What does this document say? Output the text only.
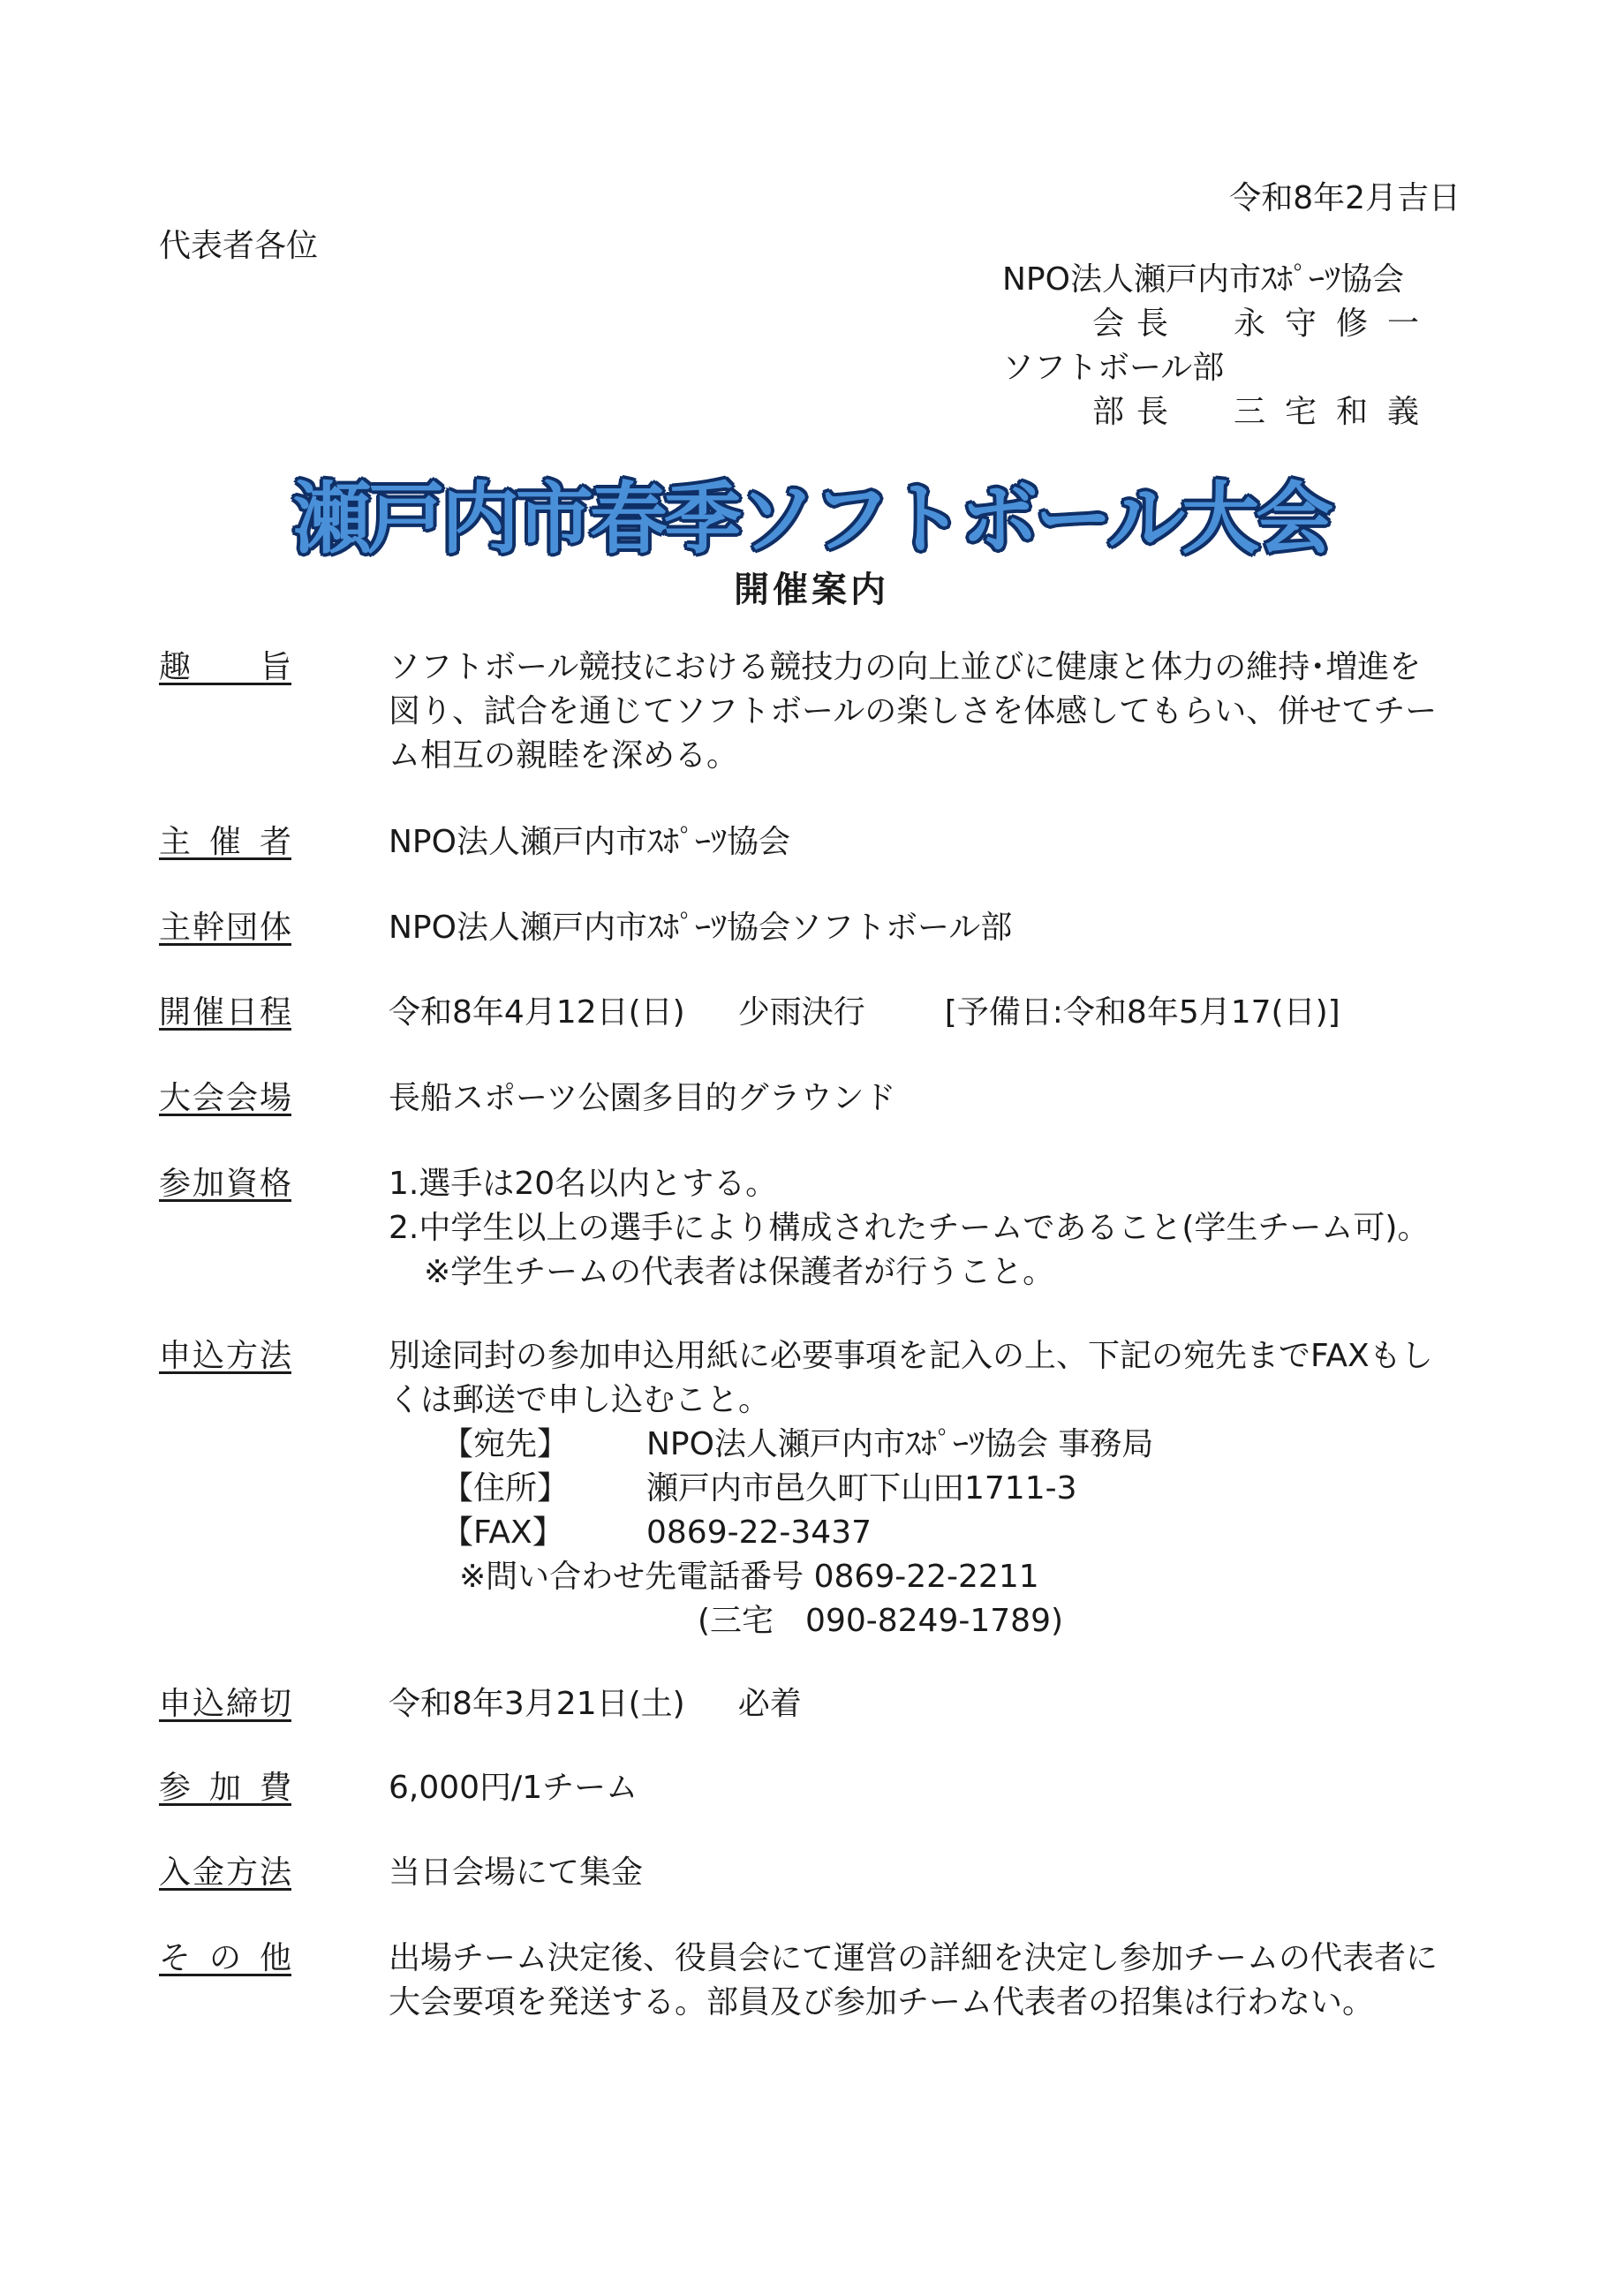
令和8年2月吉日
代表者各位
NPO法人瀬戸内市ｽﾎﾟｰﾂ協会
会長	永守修一
ソフトボール部
部長	三宅和義
瀬戸内市春季ソフトボール大会
開催案内
趣 旨	ソフトボール競技における競技力の向上並びに健康と体力の維持･増進を

図り、試合を通じてソフトボールの楽しさを体感してもらい、併せてチー

ム相互の親睦を深める。

主催者	NPO法人瀬戸内市ｽﾎﾟｰﾂ協会

主幹団体	NPO法人瀬戸内市ｽﾎﾟｰﾂ協会ソフトボール部

開催日程	令和8年4月12日(日) 少雨決行	[予備日:令和8年5月17(日)]

大会会場	長船スポーツ公園多目的グラウンド

参加資格	1.選手は20名以内とする。

2.中学生以上の選手により構成されたチームであること(学生チーム可)。

※学生チームの代表者は保護者が行うこと。

申込方法	別途同封の参加申込用紙に必要事項を記入の上、下記の宛先までFAXもし

くは郵送で申し込むこと。

【宛先】	NPO法人瀬戸内市ｽﾎﾟｰﾂ協会 事務局
【住所】	瀬戸内市邑久町下山田1711-3
【FAX】	0869-22-3437

※問い合わせ先電話番号 0869-22-2211

(三宅　090-8249-1789)

申込締切	令和8年3月21日(土) 必着

参加費	6,000円/1チーム

入金方法	当日会場にて集金

その他	出場チーム決定後、役員会にて運営の詳細を決定し参加チームの代表者に

大会要項を発送する。部員及び参加チーム代表者の招集は行わない。
